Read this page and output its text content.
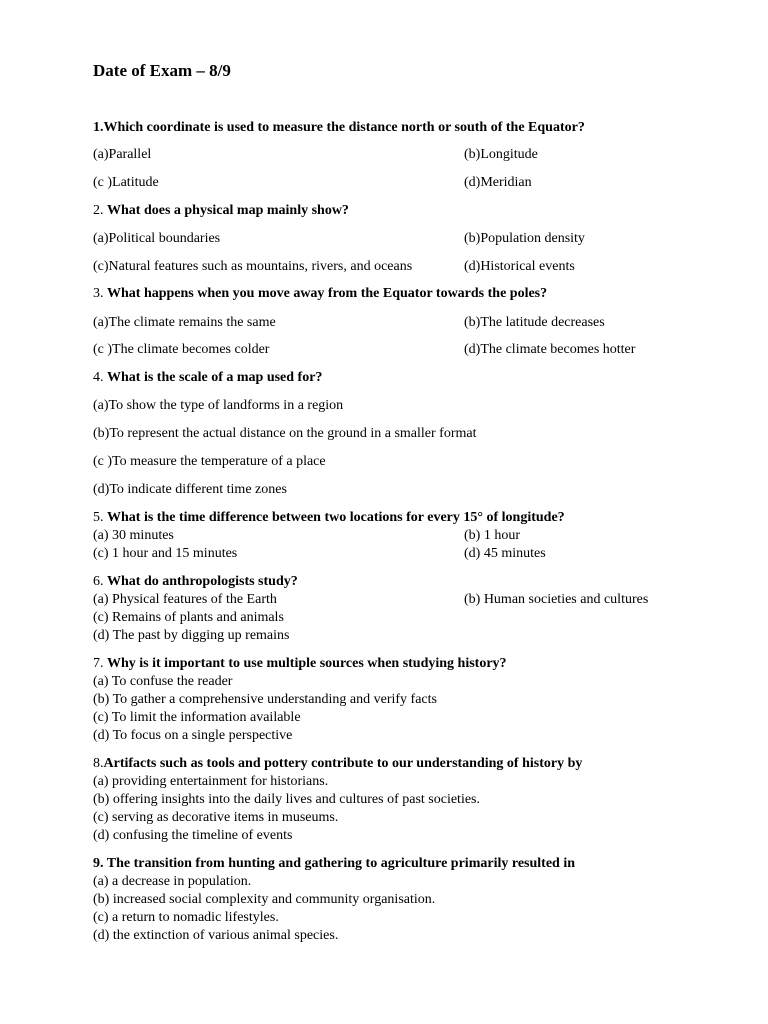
Date of Exam – 8/9
1.Which coordinate is used to measure the distance north or south of the Equator?
(a)Parallel	(b)Longitude
(c )Latitude	(d)Meridian
2. What does a physical map mainly show?
(a)Political boundaries	(b)Population density
(c)Natural features such as mountains, rivers, and oceans	(d)Historical events
3. What happens when you move away from the Equator towards the poles?
(a)The climate remains the same	(b)The latitude decreases
(c )The climate becomes colder	(d)The climate becomes hotter
4. What is the scale of a map used for?
(a)To show the type of landforms in a region
(b)To represent the actual distance on the ground in a smaller format
(c )To measure the temperature of a place
(d)To indicate different time zones
5. What is the time difference between two locations for every 15° of longitude?
(a) 30 minutes	(b) 1 hour
(c) 1 hour and 15 minutes	(d) 45 minutes
6. What do anthropologists study?
(a) Physical features of the Earth	(b) Human societies and cultures
(c) Remains of plants and animals
(d) The past by digging up remains
7. Why is it important to use multiple sources when studying history?
(a) To confuse the reader
(b) To gather a comprehensive understanding and verify facts
(c) To limit the information available
(d) To focus on a single perspective
8.Artifacts such as tools and pottery contribute to our understanding of history by
(a) providing entertainment for historians.
(b) offering insights into the daily lives and cultures of past societies.
(c) serving as decorative items in museums.
(d) confusing the timeline of events
9. The transition from hunting and gathering to agriculture primarily resulted in
(a) a decrease in population.
(b) increased social complexity and community organisation.
(c) a return to nomadic lifestyles.
(d) the extinction of various animal species.
